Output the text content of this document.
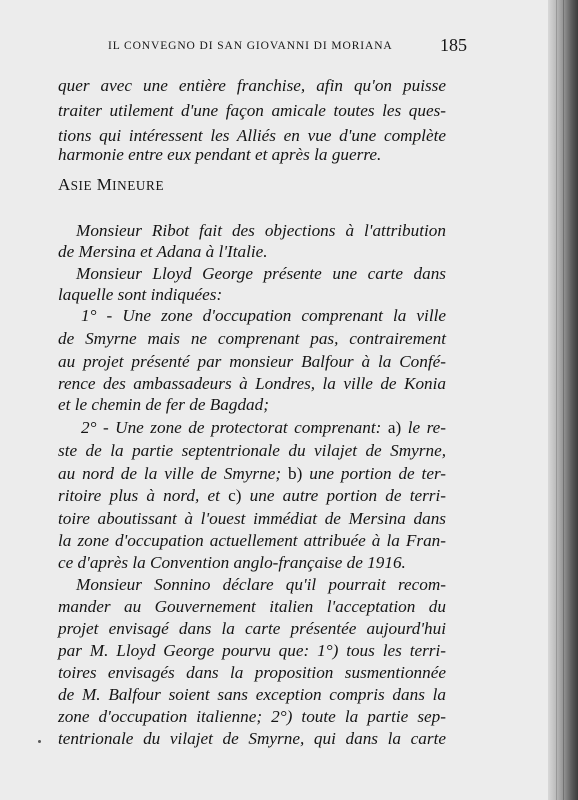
IL CONVEGNO DI SAN GIOVANNI DI MORIANA	185
quer avec une entière franchise, afin qu'on puisse
traiter utilement d'une façon amicale toutes les ques-
tions qui intéressent les Alliés en vue d'une complète
harmonie entre eux pendant et après la guerre.
ASIE MINEURE
Monsieur Ribot fait des objections à l'attribution
de Mersina et Adana à l'Italie.
Monsieur Lloyd George présente une carte dans
laquelle sont indiquées:
1° - Une zone d'occupation comprenant la ville
de Smyrne mais ne comprenant pas, contrairement
au projet présenté par monsieur Balfour à la Confé-
rence des ambassadeurs à Londres, la ville de Konia
et le chemin de fer de Bagdad;
2° - Une zone de protectorat comprenant: a) le re-
ste de la partie septentrionale du vilajet de Smyrne,
au nord de la ville de Smyrne; b) une portion de ter-
ritoire plus à nord, et c) une autre portion de terri-
toire aboutissant à l'ouest immédiat de Mersina dans
la zone d'occupation actuellement attribuée à la Fran-
ce d'après la Convention anglo-française de 1916.
Monsieur Sonnino déclare qu'il pourrait recom-
mander au Gouvernement italien l'acceptation du
projet envisagé dans la carte présentée aujourd'hui
par M. Lloyd George pourvu que: 1°) tous les terri-
toires envisagés dans la proposition susmentionnée
de M. Balfour soient sans exception compris dans la
zone d'occupation italienne; 2°) toute la partie sep-
tentrionale du vilajet de Smyrne, qui dans la carte
